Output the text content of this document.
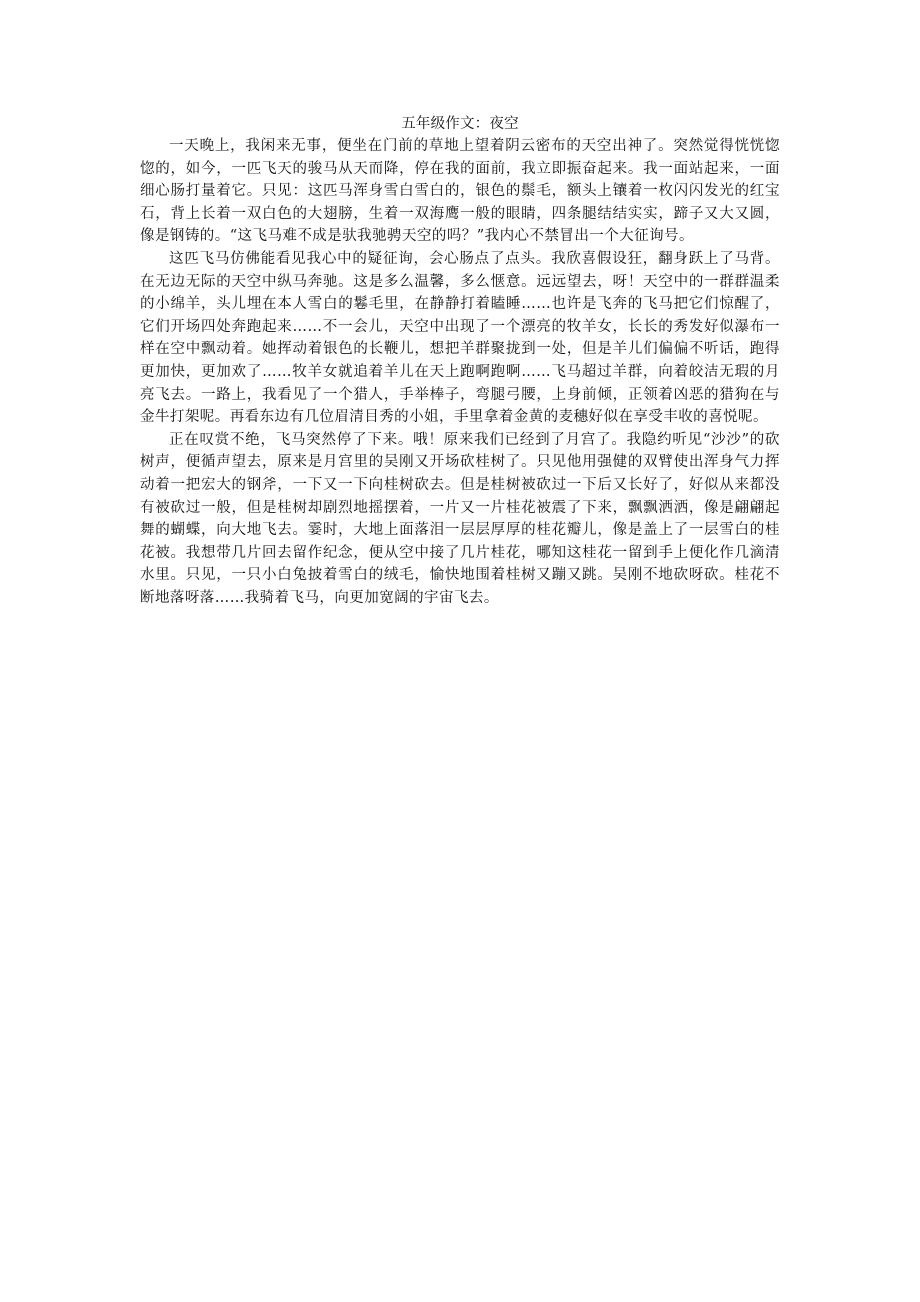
五年级作文：夜空

一天晚上，我闲来无事，便坐在门前的草地上望着阴云密布的天空出神了。突然觉得恍恍惚惚的，如今，一匹飞天的骏马从天而降，停在我的面前，我立即振奋起来。我一面站起来，一面细心肠打量着它。只见：这匹马浑身雪白雪白的，银色的鬃毛，额头上镶着一枚闪闪发光的红宝石，背上长着一双白色的大翅膀，生着一双海鹰一般的眼睛，四条腿结结实实，蹄子又大又圆，像是钢铸的。“这飞马难不成是驮我驰骋天空的吗？”我内心不禁冒出一个大征询号。

这匹飞马仿佛能看见我心中的疑征询，会心肠点了点头。我欣喜假设狂，翻身跃上了马背。在无边无际的天空中纵马奔驰。这是多么温馨，多么惬意。远远望去，呀！天空中的一群群温柔的小绵羊，头儿埋在本人雪白的鬈毛里，在静静打着瞌睡……也许是飞奔的飞马把它们惊醒了，它们开场四处奔跑起来……不一会儿，天空中出现了一个漂亮的牧羊女，长长的秀发好似瀑布一样在空中飘动着。她挥动着银色的长鞭儿，想把羊群聚拢到一处，但是羊儿们偏偏不听话，跑得更加快，更加欢了……牧羊女就追着羊儿在天上跑啊跑啊……飞马超过羊群，向着皎洁无瑕的月亮飞去。一路上，我看见了一个猎人，手举棒子，弯腿弓腰，上身前倾，正领着凶恶的猎狗在与金牛打架呢。再看东边有几位眉清目秀的小姐，手里拿着金黄的麦穗好似在享受丰收的喜悦呢。

正在叹赏不绝，飞马突然停了下来。哦！原来我们已经到了月宫了。我隐约听见“沙沙”的砍树声，便循声望去，原来是月宫里的吴刚又开场砍桂树了。只见他用强健的双臂使出浑身气力挥动着一把宏大的钢斧，一下又一下向桂树砍去。但是桂树被砍过一下后又长好了，好似从来都没有被砍过一般，但是桂树却剧烈地摇摆着，一片又一片桂花被震了下来，飘飘洒洒，像是翩翩起舞的蝴蝶，向大地飞去。霎时，大地上面落泪一层层厚厚的桂花瓣儿，像是盖上了一层雪白的桂花被。我想带几片回去留作纪念，便从空中接了几片桂花，哪知这桂花一留到手上便化作几滴清水里。只见，一只小白兔披着雪白的绒毛，愉快地围着桂树又蹦又跳。吴刚不地砍呀砍。桂花不断地落呀落……我骑着飞马，向更加宽阔的宇宙飞去。
